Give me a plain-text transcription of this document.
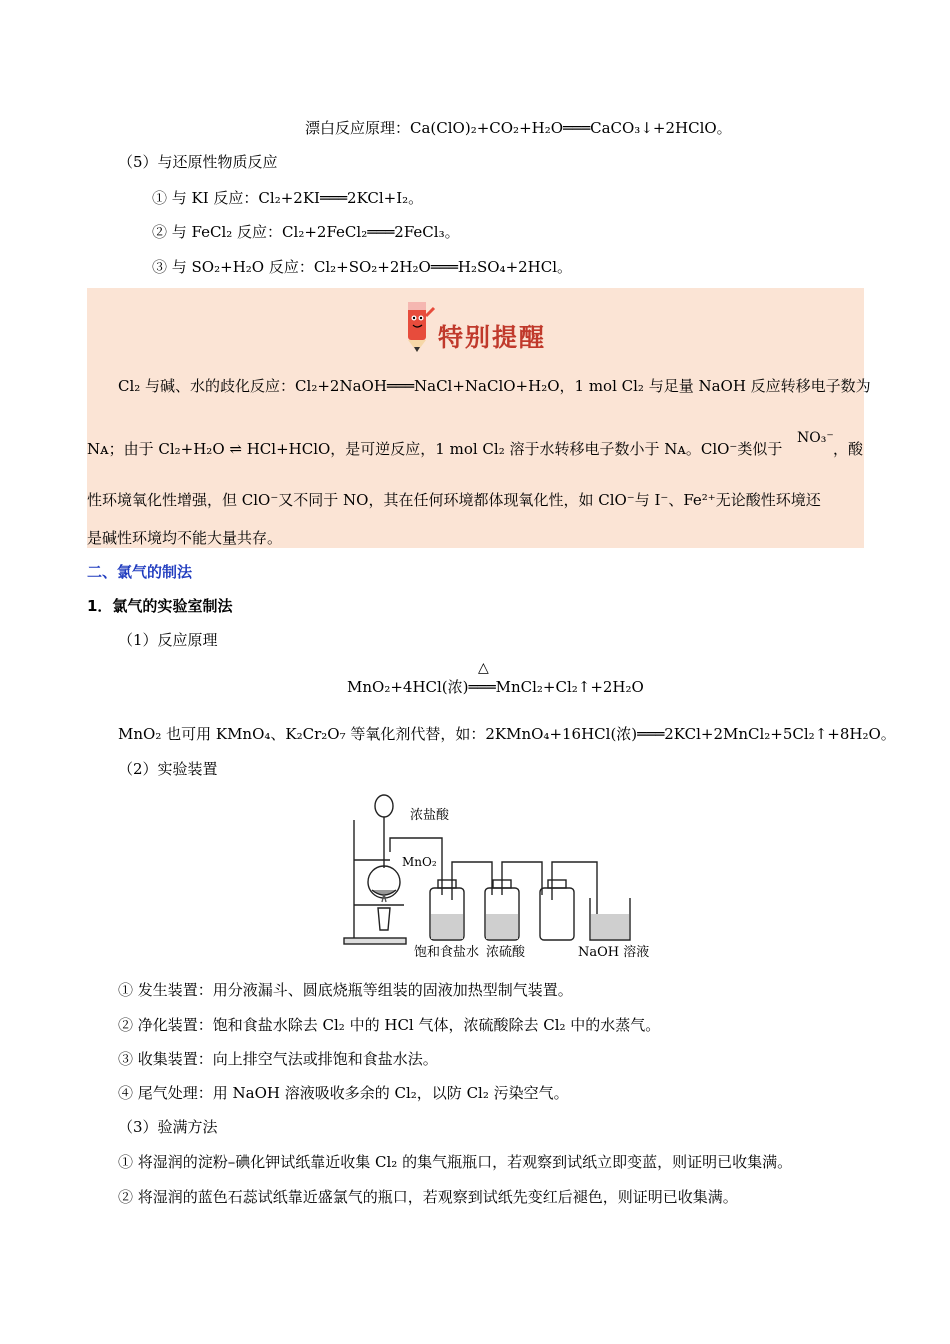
漂白反应原理：Ca(ClO)₂+CO₂+H₂O═══CaCO₃↓+2HClO。
（5）与还原性物质反应
① 与 KI 反应：Cl₂+2KI═══2KCl+I₂。
② 与 FeCl₂ 反应：Cl₂+2FeCl₂═══2FeCl₃。
③ 与 SO₂+H₂O 反应：Cl₂+SO₂+2H₂O═══H₂SO₄+2HCl。
特别提醒
Cl₂ 与碱、水的歧化反应：Cl₂+2NaOH═══NaCl+NaClO+H₂O，1 mol Cl₂ 与足量 NaOH 反应转移电子数为
Nᴀ；由于 Cl₂+H₂O ⇌ HCl+HClO，是可逆反应，1 mol Cl₂ 溶于水转移电子数小于 Nᴀ。ClO⁻类似于
NO₃⁻
，酸
性环境氧化性增强，但 ClO⁻又不同于 NO，其在任何环境都体现氧化性，如 ClO⁻与 I⁻、Fe²⁺无论酸性环境还
是碱性环境均不能大量共存。
二、氯气的制法
1．氯气的实验室制法
（1）反应原理
△
MnO₂+4HCl(浓)═══MnCl₂+Cl₂↑+2H₂O
MnO₂ 也可用 KMnO₄、K₂Cr₂O₇ 等氧化剂代替，如：2KMnO₄+16HCl(浓)═══2KCl+2MnCl₂+5Cl₂↑+8H₂O。
（2）实验装置
浓盐酸
MnO₂
饱和食盐水 浓硫酸	NaOH 溶液
① 发生装置：用分液漏斗、圆底烧瓶等组装的固液加热型制气装置。
② 净化装置：饱和食盐水除去 Cl₂ 中的 HCl 气体，浓硫酸除去 Cl₂ 中的水蒸气。
③ 收集装置：向上排空气法或排饱和食盐水法。
④ 尾气处理：用 NaOH 溶液吸收多余的 Cl₂，以防 Cl₂ 污染空气。
（3）验满方法
① 将湿润的淀粉–碘化钾试纸靠近收集 Cl₂ 的集气瓶瓶口，若观察到试纸立即变蓝，则证明已收集满。
② 将湿润的蓝色石蕊试纸靠近盛氯气的瓶口，若观察到试纸先变红后褪色，则证明已收集满。
